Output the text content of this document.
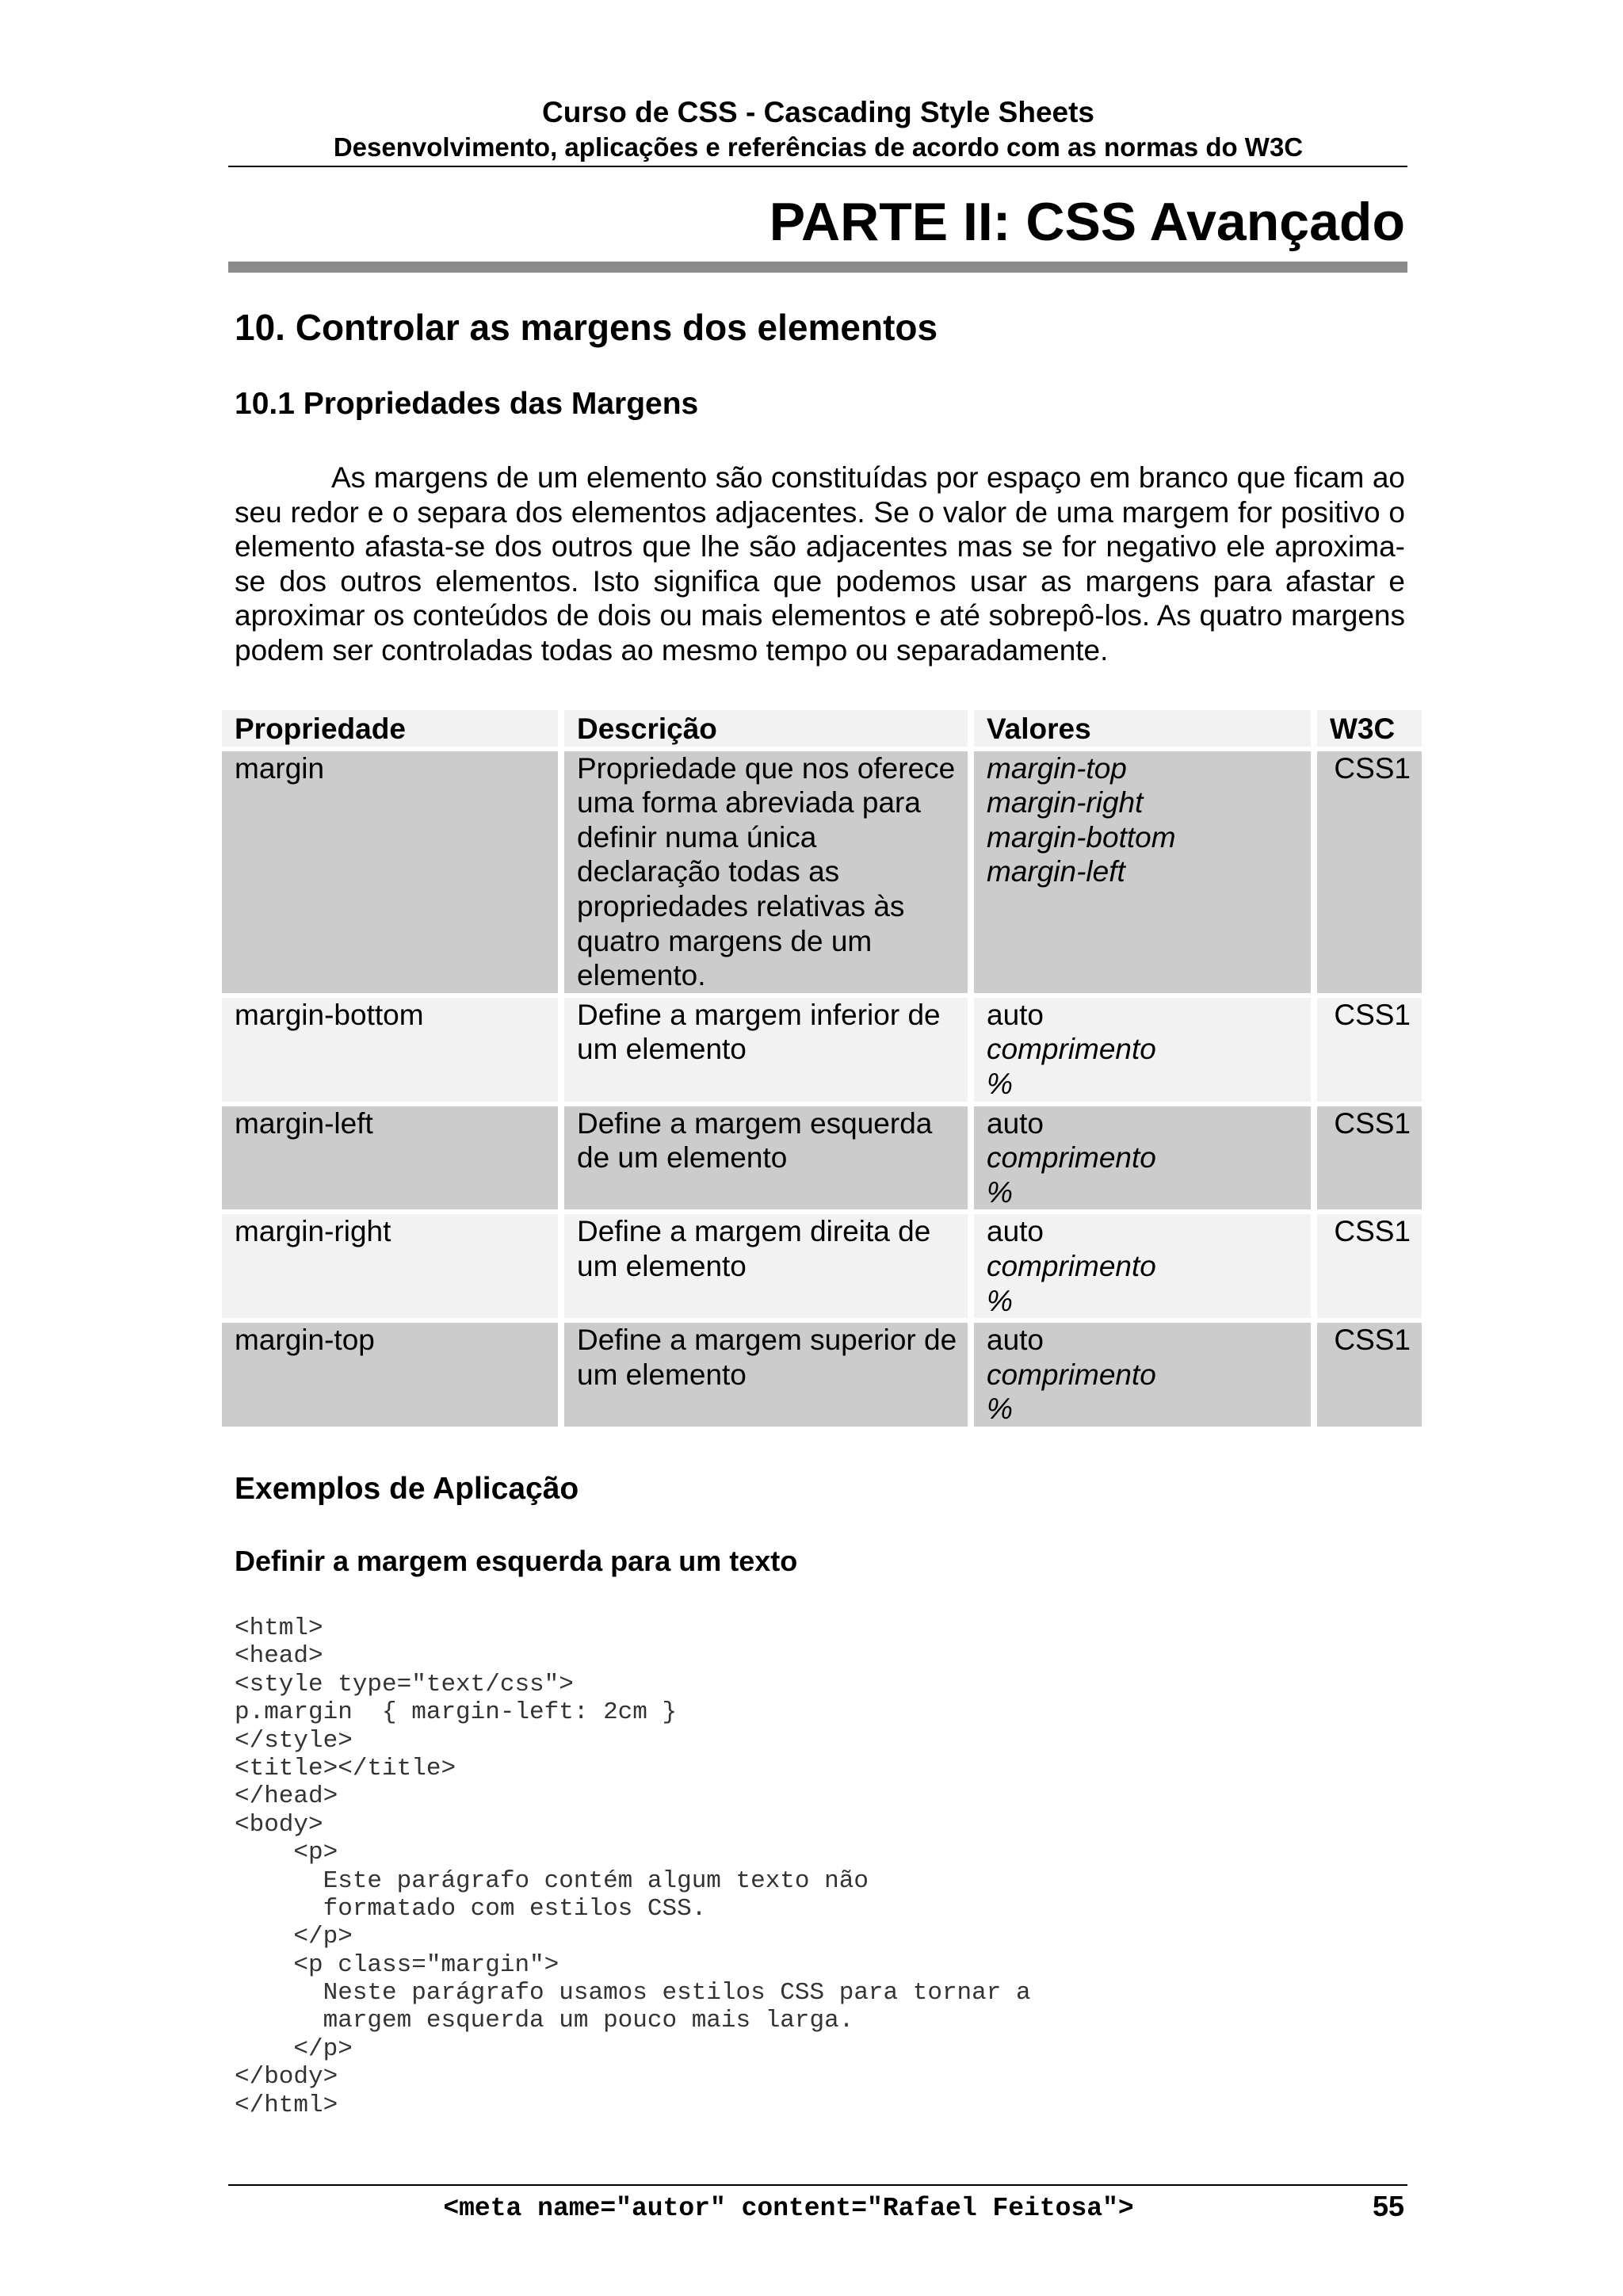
Curso de CSS - Cascading Style Sheets

Desenvolvimento, aplicações e referências de acordo com as normas do W3C

PARTE II: CSS Avançado
10. Controlar as margens dos elementos
10.1 Propriedades das Margens

As margens de um elemento são constituídas por espaço em branco que ficam ao seu redor e o separa dos elementos adjacentes. Se o valor de uma margem for positivo o elemento afasta-se dos outros que lhe são adjacentes mas se for negativo ele aproxima-se dos outros elementos. Isto significa que podemos usar as margens para afastar e aproximar os conteúdos de dois ou mais elementos e até sobrepô-los. As quatro margens podem ser controladas todas ao mesmo tempo ou separadamente.

Propriedade	Descrição	Valores	W3C
margin	Propriedade que nos oferece uma forma abreviada para definir numa única declaração todas as propriedades relativas às quatro margens de um elemento.	margin-top
margin-right
margin-bottom
margin-left	CSS1
margin-bottom	Define a margem inferior de um elemento	auto
comprimento
%	CSS1
margin-left	Define a margem esquerda de um elemento	auto
comprimento
%	CSS1
margin-right	Define a margem direita de um elemento	auto
comprimento
%	CSS1
margin-top	Define a margem superior de um elemento	auto
comprimento
%	CSS1
Exemplos de Aplicação
Definir a margem esquerda para um texto
<html>
<head>
<style type="text/css">
p.margin  { margin-left: 2cm }
</style>
<title></title>
</head>
<body>
<p>
Este parágrafo contém algum texto não
formatado com estilos CSS.
</p>
<p class="margin">
Neste parágrafo usamos estilos CSS para tornar a
margem esquerda um pouco mais larga.
</p>
</body>
</html>

<meta name="autor" content="Rafael Feitosa">	55
